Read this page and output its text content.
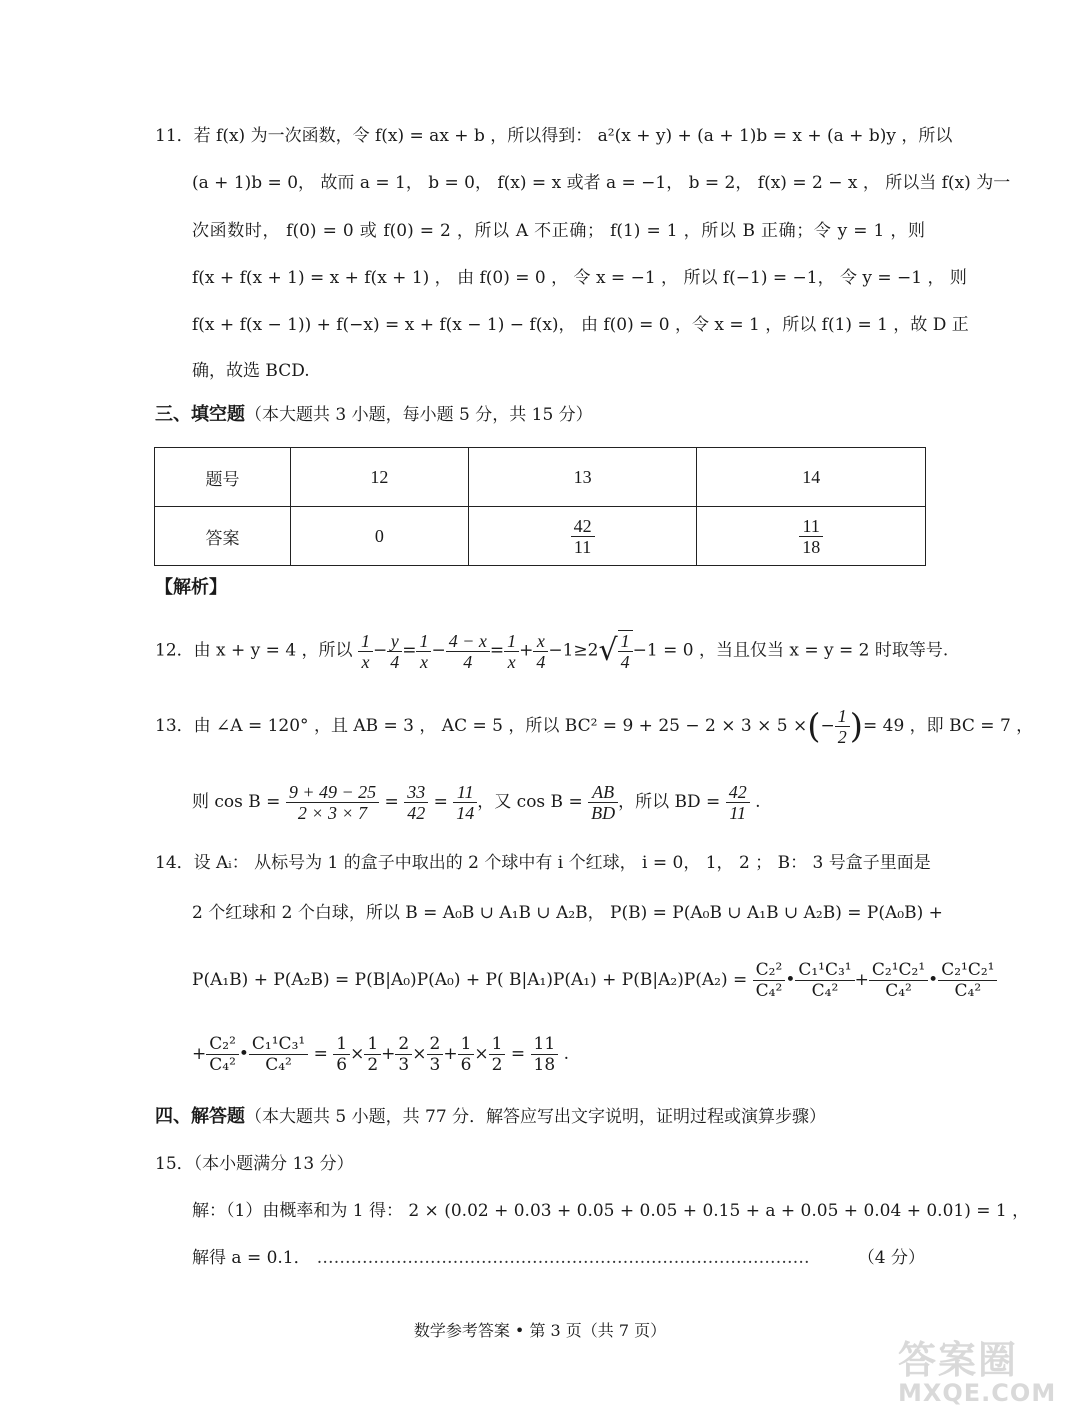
11．若 f(x) 为一次函数，令 f(x) = ax + b ，所以得到： a²(x + y) + (a + 1)b = x + (a + b)y ，所以
(a + 1)b = 0， 故而 a = 1， b = 0， f(x) = x 或者 a = −1， b = 2， f(x) = 2 − x ， 所以当 f(x) 为一
次函数时， f(0) = 0 或 f(0) = 2 ，所以 A 不正确； f(1) = 1 ，所以 B 正确；令 y = 1 ，则
f(x + f(x + 1) = x + f(x + 1) ， 由 f(0) = 0 ， 令 x = −1 ， 所以 f(−1) = −1， 令 y = −1 ， 则
f(x + f(x − 1)) + f(−x) = x + f(x − 1) − f(x)， 由 f(0) = 0 ，令 x = 1 ，所以 f(1) = 1 ，故 D 正
确，故选 BCD.
三、填空题（本大题共 3 小题，每小题 5 分，共 15 分）
题号	12	13	14
答案	0	$\frac{42}{11}$	$\frac{11}{18}$
【解析】
12．由 x + y = 4 ，所以 $\frac{1}{x} - \frac{y}{4} = \frac{1}{x} - \frac{4 - x}{4} = \frac{1}{x} + \frac{x}{4} -1\ge 2√ \frac{1}{4} -1 = 0$ ，当且仅当 x = y = 2 时取等号.
13．由 ∠A = 120° ，且 AB = 3 ， AC = 5 ，所以 BC² = 9 + 25 − 2 × 3 × 5 ×(− $\frac{1}{2}$ )= 49 ，即 BC = 7 ，
则 $\cos B = \frac{9 + 49 - 25}{2 \times 3 \times 7} = \frac{33}{42} = \frac{11}{14}$ ，又 $\cos B = \frac{AB}{BD}$ ，所以 BD = $\frac{42}{11}$ .
14．设 Aᵢ： 从标号为 1 的盒子中取出的 2 个球中有 i 个红球， i = 0， 1， 2 ； B： 3 号盒子里面是
2 个红球和 2 个白球，所以 B = A₀B ∪ A₁B ∪ A₂B， P(B) = P(A₀B ∪ A₁B ∪ A₂B) = P(A₀B) +
P(A₁B) + P(A₂B) = P(B|A₀)P(A₀) + P( $B|A_1)P(A_1) + P(B|A_2)P(A_2) = \frac{\text{C₂²}}{\text{C₄²}}$ • $\frac{\text{C₁¹C₃¹}}{\text{C₄²}} + \frac{\text{C₂¹C₂¹}}{\text{C₄²}}$ • $\frac{\text{C₂¹C₂¹}}{\text{C₄²}}$
+ $\frac{\text{C₂²}}{\text{C₄²}}$ • $\frac{\text{C₁¹C₃¹}}{\text{C₄²}} = \frac{1}{6} \times \frac{1}{2} + \frac{2}{3} \times \frac{2}{3} + \frac{1}{6} \times \frac{1}{2} = \frac{11}{18}$ .
四、解答题（本大题共 5 小题，共 77 分．解答应写出文字说明，证明过程或演算步骤）
15．（本小题满分 13 分）
解：（1）由概率和为 1 得： 2 × (0.02 + 0.03 + 0.05 + 0.05 + 0.15 + a + 0.05 + 0.04 + 0.01) = 1 ，
解得 a = 0.1． ……………………………………………………………………………	（4 分）
数学参考答案 • 第 3 页（共 7 页）
答案圈
MXQE.COM
